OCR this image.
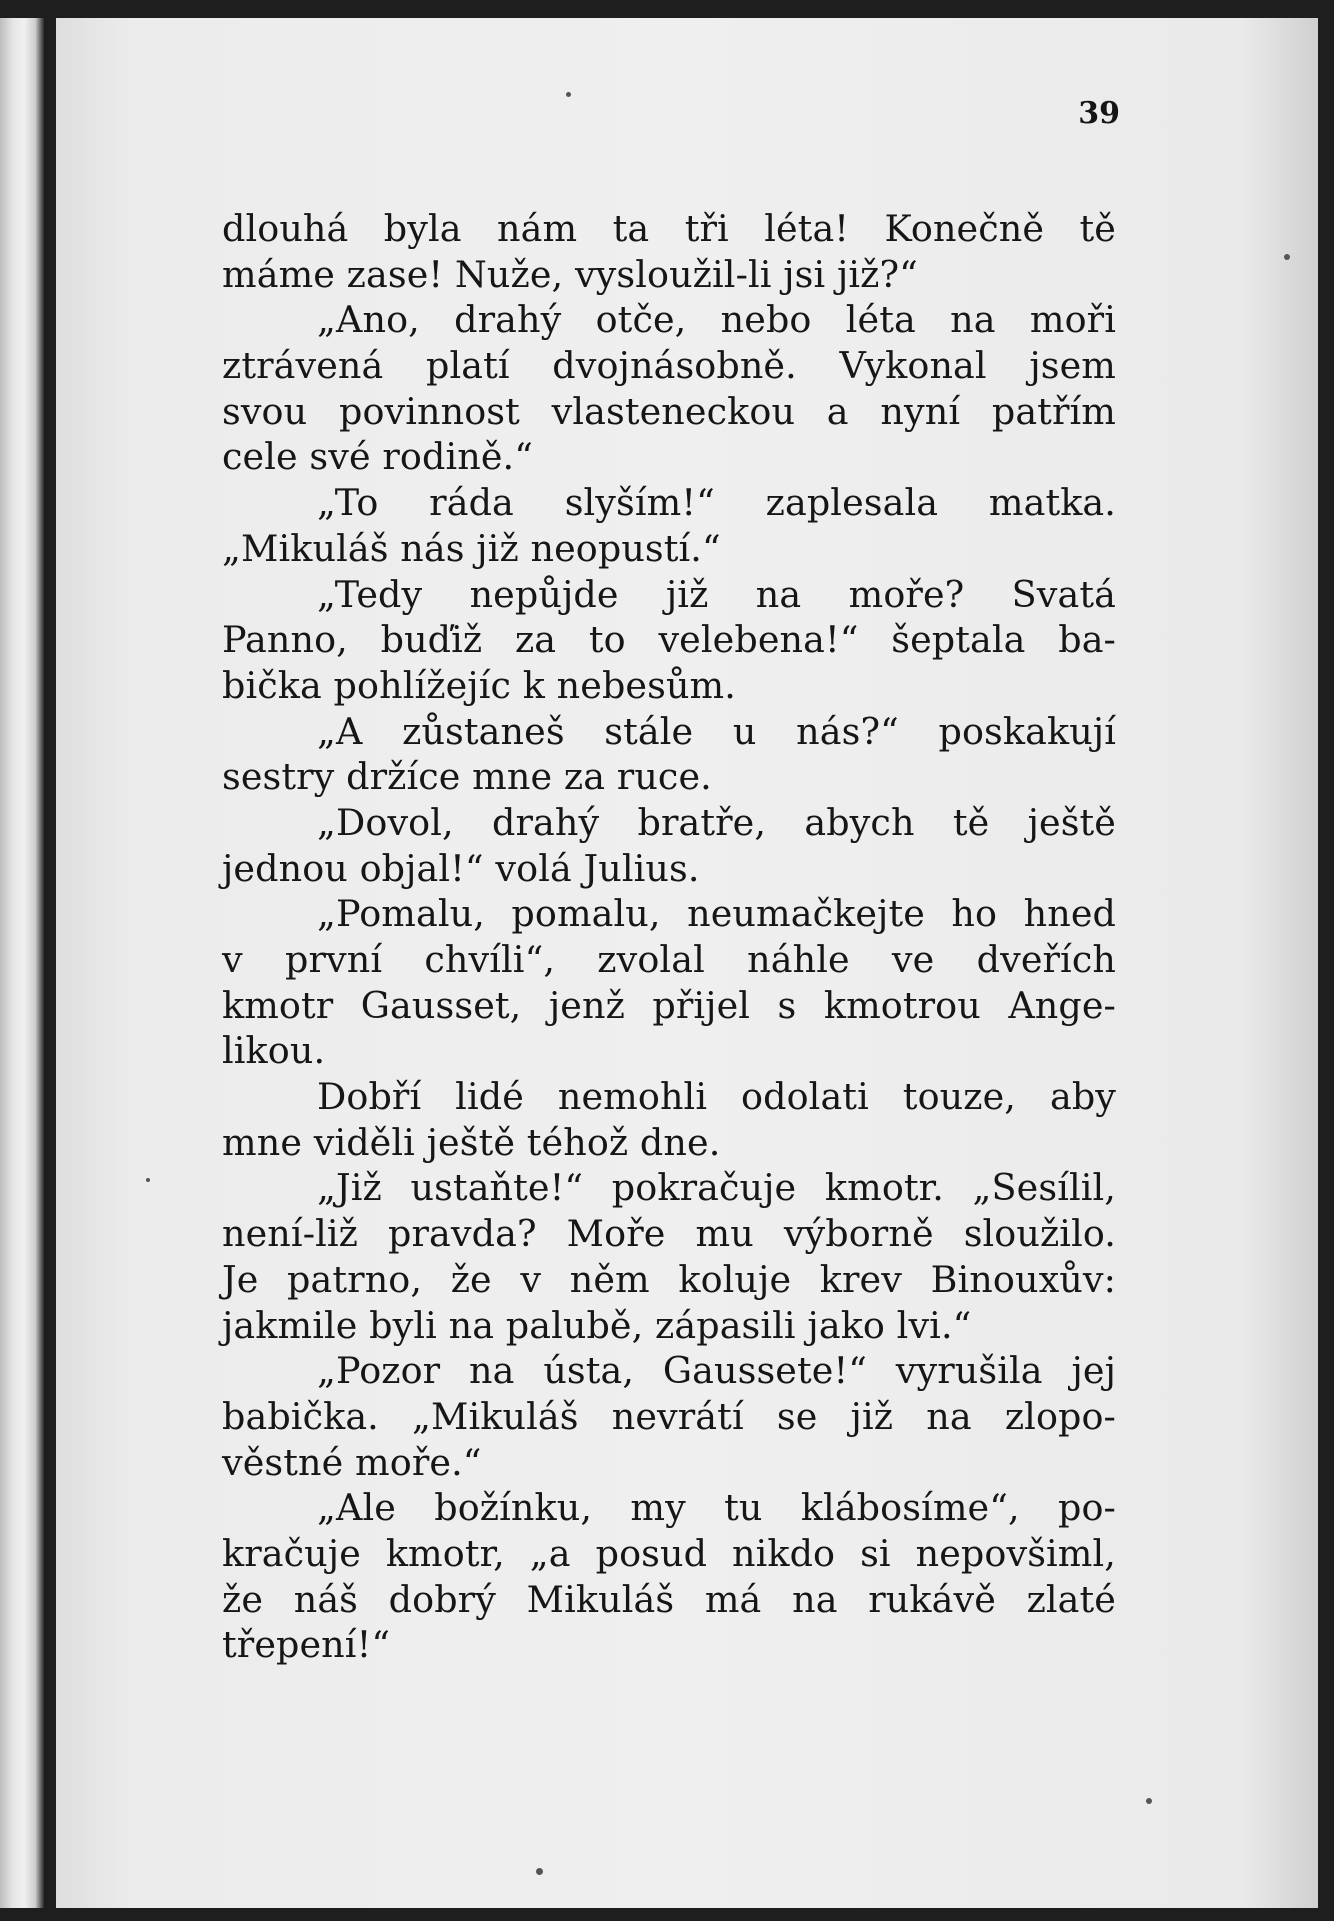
39
dlouhá byla nám ta tři léta! Konečně tě
máme zase! Nuže, vysloužil-li jsi již?“
„Ano, drahý otče, nebo léta na moři
ztrávená platí dvojnásobně. Vykonal jsem
svou povinnost vlasteneckou a nyní patřím
cele své rodině.“
„To ráda slyším!“ zaplesala matka.
„Mikuláš nás již neopustí.“
„Tedy nepůjde již na moře? Svatá
Panno, buďiž za to velebena!“ šeptala ba-
bička pohlížejíc k nebesům.
„A zůstaneš stále u nás?“ poskakují
sestry držíce mne za ruce.
„Dovol, drahý bratře, abych tě ještě
jednou objal!“ volá Julius.
„Pomalu, pomalu, neumačkejte ho hned
v první chvíli“, zvolal náhle ve dveřích
kmotr Gausset, jenž přijel s kmotrou Ange-
likou.
Dobří lidé nemohli odolati touze, aby
mne viděli ještě téhož dne.
„Již ustaňte!“ pokračuje kmotr. „Sesílil,
není-liž pravda? Moře mu výborně sloužilo.
Je patrno, že v něm koluje krev Binouxův:
jakmile byli na palubě, zápasili jako lvi.“
„Pozor na ústa, Gaussete!“ vyrušila jej
babička. „Mikuláš nevrátí se již na zlopo-
věstné moře.“
„Ale božínku, my tu klábosíme“, po-
kračuje kmotr, „a posud nikdo si nepovšiml,
že náš dobrý Mikuláš má na rukávě zlaté
třepení!“
